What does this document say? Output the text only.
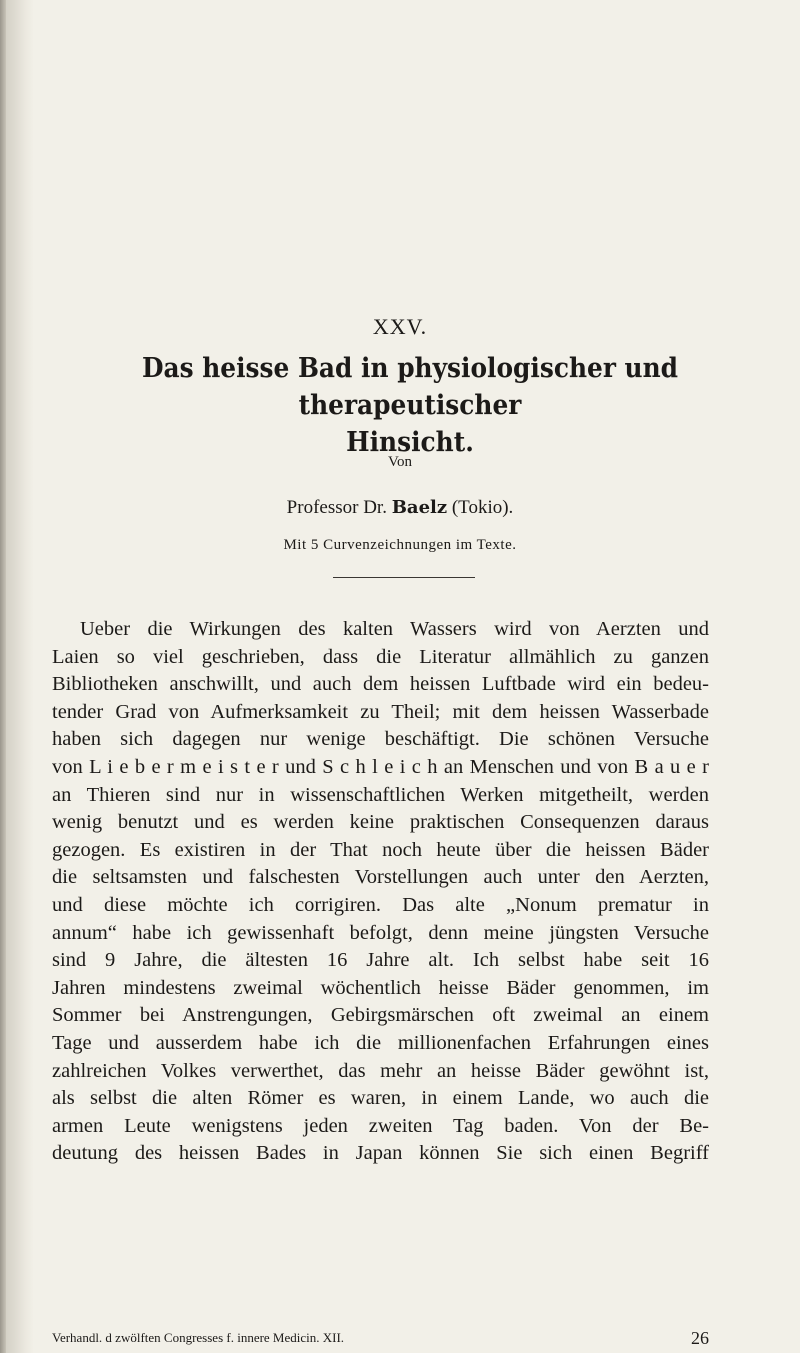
XXV.
Das heisse Bad in physiologischer und therapeutischer
Hinsicht.
Von
Professor Dr. Baelz (Tokio).
Mit 5 Curvenzeichnungen im Texte.
Ueber die Wirkungen des kalten Wassers wird von Aerzten und
Laien so viel geschrieben, dass die Literatur allmählich zu ganzen
Bibliotheken anschwillt, und auch dem heissen Luftbade wird ein bedeu-
tender Grad von Aufmerksamkeit zu Theil; mit dem heissen Wasserbade
haben sich dagegen nur wenige beschäftigt. Die schönen Versuche
von L i e b e r m e i s t e r und S c h l e i c h an Menschen und von B a u e r
an Thieren sind nur in wissenschaftlichen Werken mitgetheilt, werden
wenig benutzt und es werden keine praktischen Consequenzen daraus
gezogen. Es existiren in der That noch heute über die heissen Bäder
die seltsamsten und falschesten Vorstellungen auch unter den Aerzten,
und diese möchte ich corrigiren. Das alte „Nonum prematur in
annum“ habe ich gewissenhaft befolgt, denn meine jüngsten Versuche
sind 9 Jahre, die ältesten 16 Jahre alt. Ich selbst habe seit 16
Jahren mindestens zweimal wöchentlich heisse Bäder genommen, im
Sommer bei Anstrengungen, Gebirgsmärschen oft zweimal an einem
Tage und ausserdem habe ich die millionenfachen Erfahrungen eines
zahlreichen Volkes verwerthet, das mehr an heisse Bäder gewöhnt ist,
als selbst die alten Römer es waren, in einem Lande, wo auch die
armen Leute wenigstens jeden zweiten Tag baden. Von der Be-
deutung des heissen Bades in Japan können Sie sich einen Begriff
Verhandl. d zwölften Congresses f. innere Medicin. XII.	26
